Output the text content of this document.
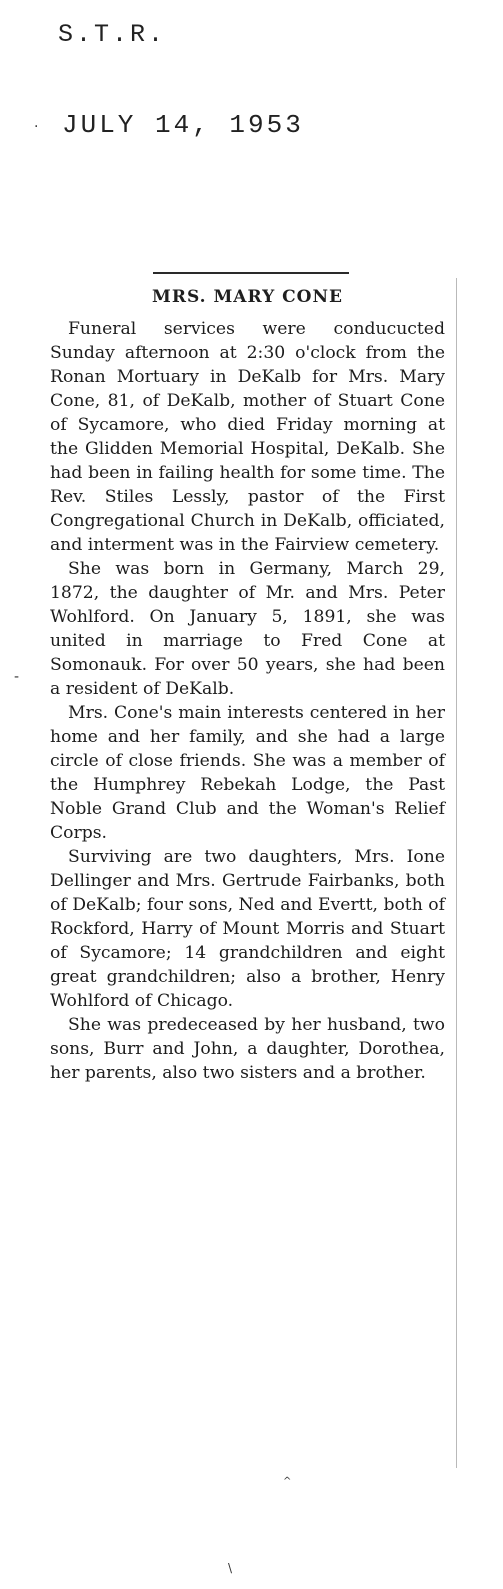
S.T.R.
· JULY 14, 1953
-
MRS. MARY CONE

Funeral services were conducucted Sunday afternoon at 2:30 o'clock from the Ronan Mortuary in DeKalb for Mrs. Mary Cone, 81, of DeKalb, mother of Stuart Cone of Sycamore, who died Friday morning at the Glidden Memorial Hospital, DeKalb. She had been in failing health for some time. The Rev. Stiles Lessly, pastor of the First Congregational Church in DeKalb, officiated, and interment was in the Fairview cemetery.

She was born in Germany, March 29, 1872, the daughter of Mr. and Mrs. Peter Wohlford. On January 5, 1891, she was united in marriage to Fred Cone at Somonauk. For over 50 years, she had been a resident of DeKalb.

Mrs. Cone's main interests centered in her home and her family, and she had a large circle of close friends. She was a member of the Humphrey Rebekah Lodge, the Past Noble Grand Club and the Woman's Relief Corps.

Surviving are two daughters, Mrs. Ione Dellinger and Mrs. Gertrude Fairbanks, both of DeKalb; four sons, Ned and Evertt, both of Rockford, Harry of Mount Morris and Stuart of Sycamore; 14 grandchildren and eight great grandchildren; also a brother, Henry Wohlford of Chicago.

She was predeceased by her husband, two sons, Burr and John, a daughter, Dorothea, her parents, also two sisters and a brother.

^
\
